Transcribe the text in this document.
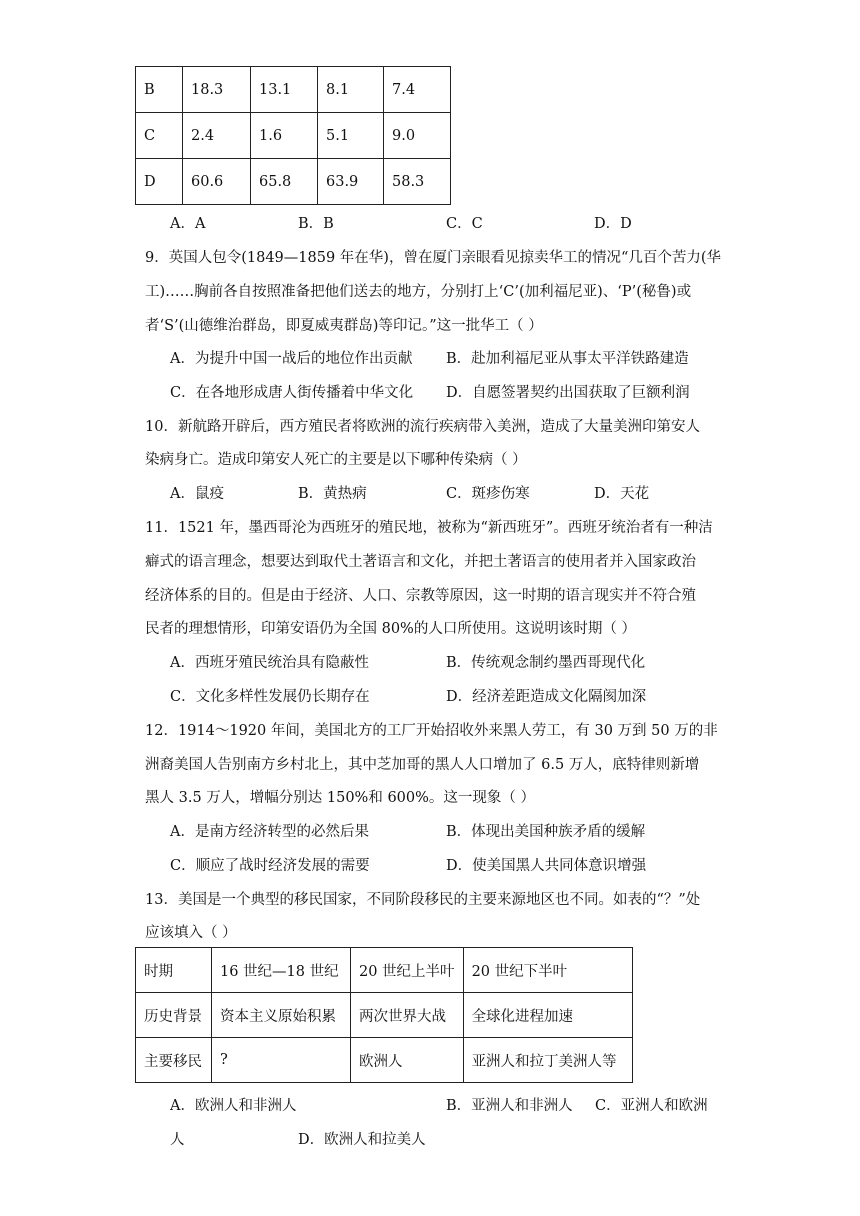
B	18.3	13.1	8.1	7.4
C	2.4	1.6	5.1	9.0
D	60.6	65.8	63.9	58.3
A．A	B．B	C．C	D．D
9．英国人包令(1849—1859 年在华)，曾在厦门亲眼看见掠卖华工的情况“几百个苦力(华
工)……胸前各自按照准备把他们送去的地方，分别打上‘C’(加利福尼亚)、‘P’(秘鲁)或
者‘S’(山德维治群岛，即夏威夷群岛)等印记。”这一批华工（ ）
A．为提升中国一战后的地位作出贡献 B．赴加利福尼亚从事太平洋铁路建造
C．在各地形成唐人街传播着中华文化 D．自愿签署契约出国获取了巨额利润
10．新航路开辟后，西方殖民者将欧洲的流行疾病带入美洲，造成了大量美洲印第安人
染病身亡。造成印第安人死亡的主要是以下哪种传染病（ ）
A．鼠疫	B．黄热病	C．斑疹伤寒	D．天花
11．1521 年，墨西哥沦为西班牙的殖民地，被称为“新西班牙”。西班牙统治者有一种洁
癖式的语言理念，想要达到取代土著语言和文化，并把土著语言的使用者并入国家政治
经济体系的目的。但是由于经济、人口、宗教等原因，这一时期的语言现实并不符合殖
民者的理想情形，印第安语仍为全国 80%的人口所使用。这说明该时期（ ）
A．西班牙殖民统治具有隐蔽性	B．传统观念制约墨西哥现代化
C．文化多样性发展仍长期存在	D．经济差距造成文化隔阂加深
12．1914～1920 年间，美国北方的工厂开始招收外来黑人劳工，有 30 万到 50 万的非
洲裔美国人告别南方乡村北上，其中芝加哥的黑人人口增加了 6.5 万人，底特律则新增
黑人 3.5 万人，增幅分别达 150%和 600%。这一现象（ ）
A．是南方经济转型的必然后果	B．体现出美国种族矛盾的缓解
C．顺应了战时经济发展的需要	D．使美国黑人共同体意识增强
13．美国是一个典型的移民国家，不同阶段移民的主要来源地区也不同。如表的“？”处
应该填入（ ）
时期	16 世纪—18 世纪	20 世纪上半叶	20 世纪下半叶
历史背景	资本主义原始积累	两次世界大战	全球化进程加速
主要移民	?	欧洲人	亚洲人和拉丁美洲人等
A．欧洲人和非洲人	B．亚洲人和非洲人 C．亚洲人和欧洲
人	D．欧洲人和拉美人
